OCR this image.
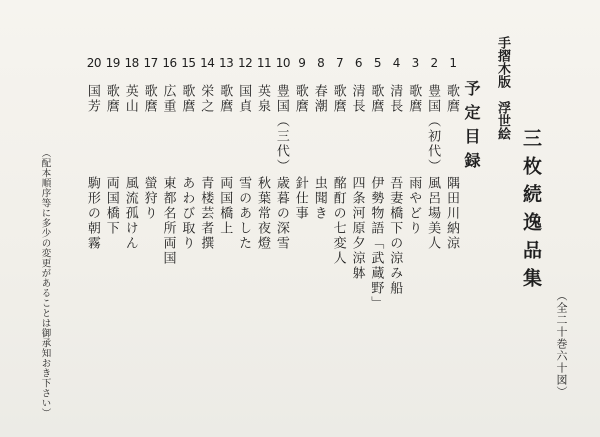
手摺木版　浮世絵
三枚続逸品集
（全二十巻六十図）
予定目録
1
歌麿
隅田川納涼
2
豊国（初代）
風呂場美人
3
歌麿
雨やどり
4
清長
吾妻橋下の涼み船
5
歌麿
伊勢物語「武蔵野」
6
清長
四条河原夕涼躰
7
歌麿
酩酊の七変人
8
春潮
虫聞き
9
歌麿
針仕事
10
豊国（三代）
歳暮の深雪
11
英泉
秋葉常夜燈
12
国貞
雪のあした
13
歌麿
両国橋上
14
栄之
青楼芸者撰
15
歌麿
あわび取り
16
広重
東都名所両国
17
歌麿
螢狩り
18
英山
風流孤けん
19
歌麿
両国橋下
20
国芳
駒形の朝霧
（配本順序等に多少の変更があることは御承知おき下さい）
